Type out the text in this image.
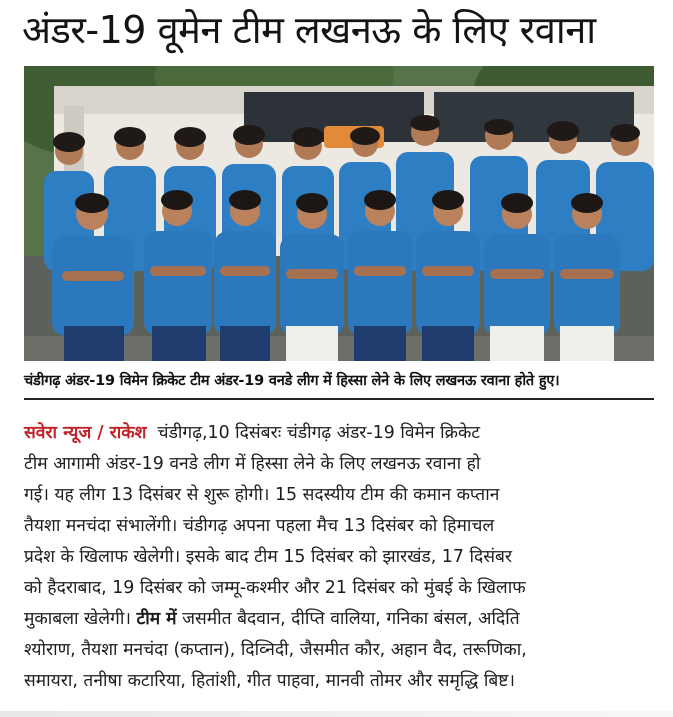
अंडर-19 वूमेन टीम लखनऊ के लिए रवाना
चंडीगढ़ अंडर-19 विमेन क्रिकेट टीम अंडर-19 वनडे लीग में हिस्सा लेने के लिए लखनऊ रवाना होते हुए।
सवेरा न्यूज / राकेश चंडीगढ़,10 दिसंबरः चंडीगढ़ अंडर-19 विमेन क्रिकेट
टीम आगामी अंडर-19 वनडे लीग में हिस्सा लेने के लिए लखनऊ रवाना हो
गई। यह लीग 13 दिसंबर से शुरू होगी। 15 सदस्यीय टीम की कमान कप्तान
तैयशा मनचंदा संभालेंगी। चंडीगढ़ अपना पहला मैच 13 दिसंबर को हिमाचल
प्रदेश के खिलाफ खेलेगी। इसके बाद टीम 15 दिसंबर को झारखंड, 17 दिसंबर
को हैदराबाद, 19 दिसंबर को जम्मू-कश्मीर और 21 दिसंबर को मुंबई के खिलाफ
मुकाबला खेलेगी। टीम में जसमीत बैदवान, दीप्ति वालिया, गनिका बंसल, अदिति
श्योराण, तैयशा मनचंदा (कप्तान), दिव्निदी, जैसमीत कौर, अहान वैद, तरूणिका,
समायरा, तनीषा कटारिया, हितांशी, गीत पाहवा, मानवी तोमर और समृद्धि बिष्ट।
